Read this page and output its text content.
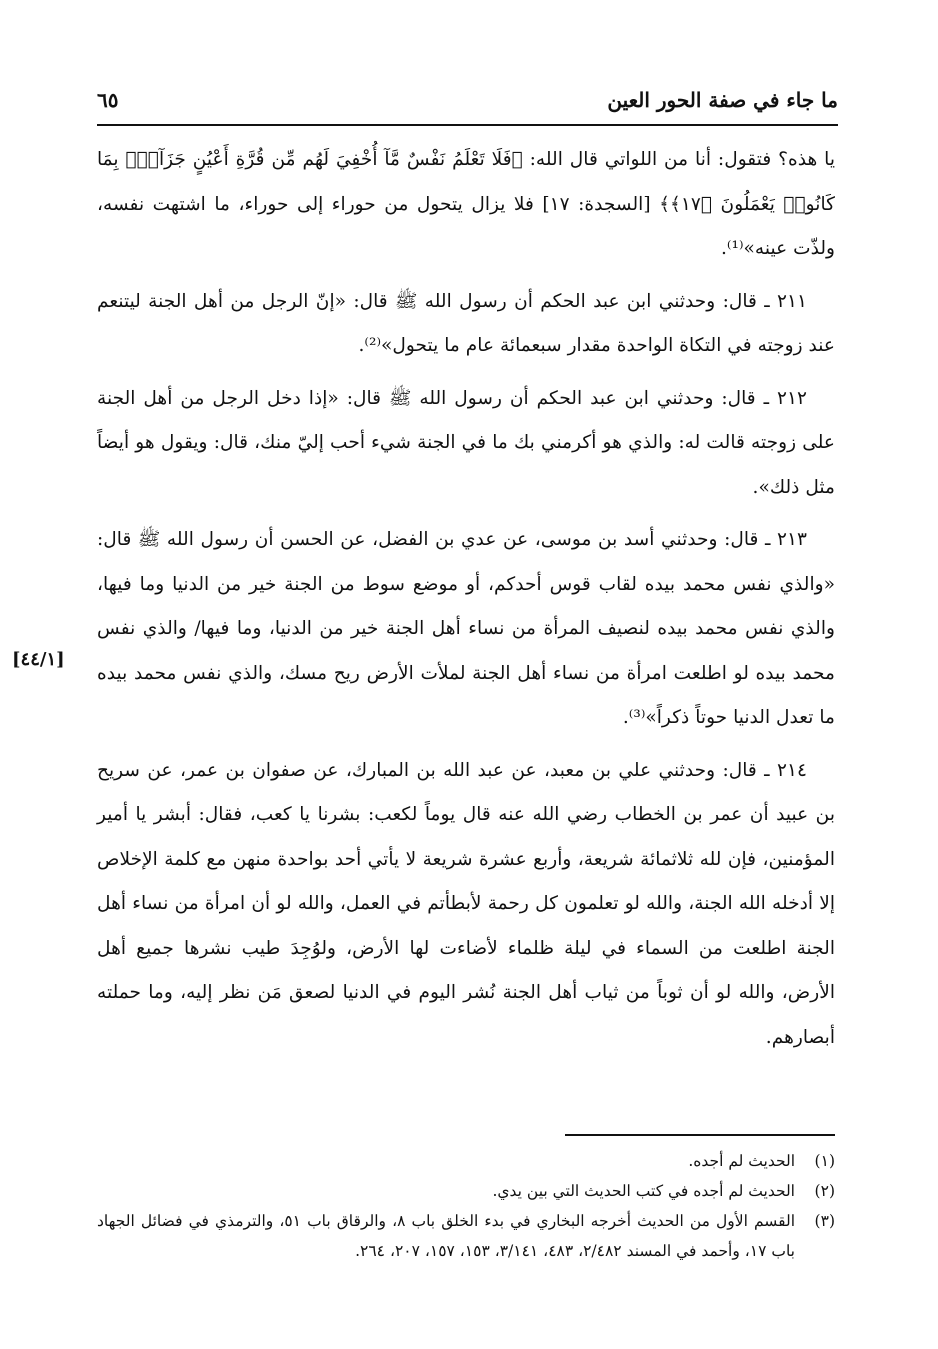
ما جاء في صفة الحور العين
٦٥

يا هذه؟ فتقول: أنا من اللواتي قال الله: ﴿فَلَا تَعْلَمُ نَفْسٌ مَّآ أُخْفِيَ لَهُم مِّن قُرَّةِ أَعْيُنٍ جَزَآءًۢ بِمَا كَانُوا۟ يَعْمَلُونَ ﴿١٧﴾﴾ [السجدة: ١٧] فلا يزال يتحول من حوراء إلى حوراء، ما اشتهت نفسه، ولذّت عينه»⁽¹⁾.

٢١١ ـ قال: وحدثني ابن عبد الحكم أن رسول الله ﷺ قال: «إنّ الرجل من أهل الجنة ليتنعم عند زوجته في التكاة الواحدة مقدار سبعمائة عام ما يتحول»⁽²⁾.

٢١٢ ـ قال: وحدثني ابن عبد الحكم أن رسول الله ﷺ قال: «إذا دخل الرجل من أهل الجنة على زوجته قالت له: والذي هو أكرمني بك ما في الجنة شيء أحب إليّ منك، قال: ويقول هو أيضاً مثل ذلك».

٢١٣ ـ قال: وحدثني أسد بن موسى، عن عدي بن الفضل، عن الحسن أن رسول الله ﷺ قال: «والذي نفس محمد بيده لقاب قوس أحدكم، أو موضع سوط من الجنة خير من الدنيا وما فيها، والذي نفس محمد بيده لنصيف المرأة من نساء أهل الجنة خير من الدنيا، وما فيها/ والذي نفس محمد بيده لو اطلعت امرأة من نساء أهل الجنة لملأت الأرض ريح مسك، والذي نفس محمد بيده ما تعدل الدنيا حوتاً ذكراً»⁽³⁾.

٢١٤ ـ قال: وحدثني علي بن معبد، عن عبد الله بن المبارك، عن صفوان بن عمر، عن سريح بن عبيد أن عمر بن الخطاب رضي الله عنه قال يوماً لكعب: بشرنا يا كعب، فقال: أبشر يا أمير المؤمنين، فإن لله ثلاثمائة شريعة، وأربع عشرة شريعة لا يأتي أحد بواحدة منهن مع كلمة الإخلاص إلا أدخله الله الجنة، والله لو تعلمون كل رحمة لأبطأتم في العمل، والله لو أن امرأة من نساء أهل الجنة اطلعت من السماء في ليلة ظلماء لأضاءت لها الأرض، ولوُجِدَ طيب نشرها جميع أهل الأرض، والله لو أن ثوباً من ثياب أهل الجنة نُشر اليوم في الدنيا لصعق مَن نظر إليه، وما حملته أبصارهم.

[٤٤/١]
(١)
الحديث لم أجده.
(٢)
الحديث لم أجده في كتب الحديث التي بين يدي.
(٣)
القسم الأول من الحديث أخرجه البخاري في بدء الخلق باب ٨، والرقاق باب ٥١، والترمذي في فضائل الجهاد باب ١٧، وأحمد في المسند ٢/٤٨٢، ٤٨٣، ٣/١٤١، ١٥٣، ١٥٧، ٢٠٧، ٢٦٤.
